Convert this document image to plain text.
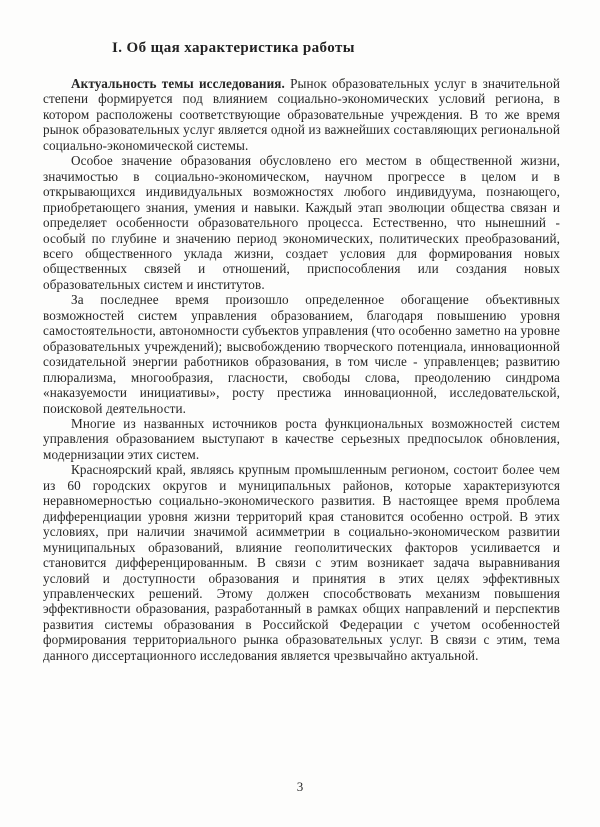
I. Об щая характеристика работы

Актуальность темы исследования. Рынок образовательных услуг в значительной степени формируется под влиянием социально-экономических условий региона, в котором расположены соответствующие образовательные учреждения. В то же время рынок образовательных услуг является одной из важнейших составляющих региональной социально-экономической системы.

Особое значение образования обусловлено его местом в общественной жизни, значимостью в социально-экономическом, научном прогрессе в целом и в открывающихся индивидуальных возможностях любого индивидуума, познающего, приобретающего знания, умения и навыки. Каждый этап эволюции общества связан и определяет особенности образовательного процесса. Естественно, что нынешний - особый по глубине и значению период экономических, политических преобразований, всего общественного уклада жизни, создает условия для формирования новых общественных связей и отношений, приспособления или создания новых образовательных систем и институтов.

За последнее время произошло определенное обогащение объективных возможностей систем управления образованием, благодаря повышению уровня самостоятельности, автономности субъектов управления (что особенно заметно на уровне образовательных учреждений); высвобождению творческого потенциала, инновационной созидательной энергии работников образования, в том числе - управленцев; развитию плюрализма, многообразия, гласности, свободы слова, преодолению синдрома «наказуемости инициативы», росту престижа инновационной, исследовательской, поисковой деятельности.

Многие из названных источников роста функциональных возможностей систем управления образованием выступают в качестве серьезных предпосылок обновления, модернизации этих систем.

Красноярский край, являясь крупным промышленным регионом, состоит более чем из 60 городских округов и муниципальных районов, которые характеризуются неравномерностью социально-экономического развития. В настоящее время проблема дифференциации уровня жизни территорий края становится особенно острой. В этих условиях, при наличии значимой асимметрии в социально-экономическом развитии муниципальных образований, влияние геополитических факторов усиливается и становится дифференцированным. В связи с этим возникает задача выравнивания условий и доступности образования и принятия в этих целях эффективных управленческих решений. Этому должен способствовать механизм повышения эффективности образования, разработанный в рамках общих направлений и перспектив развития системы образования в Российской Федерации с учетом особенностей формирования территориального рынка образовательных услуг. В связи с этим, тема данного диссертационного исследования является чрезвычайно актуальной.

3
